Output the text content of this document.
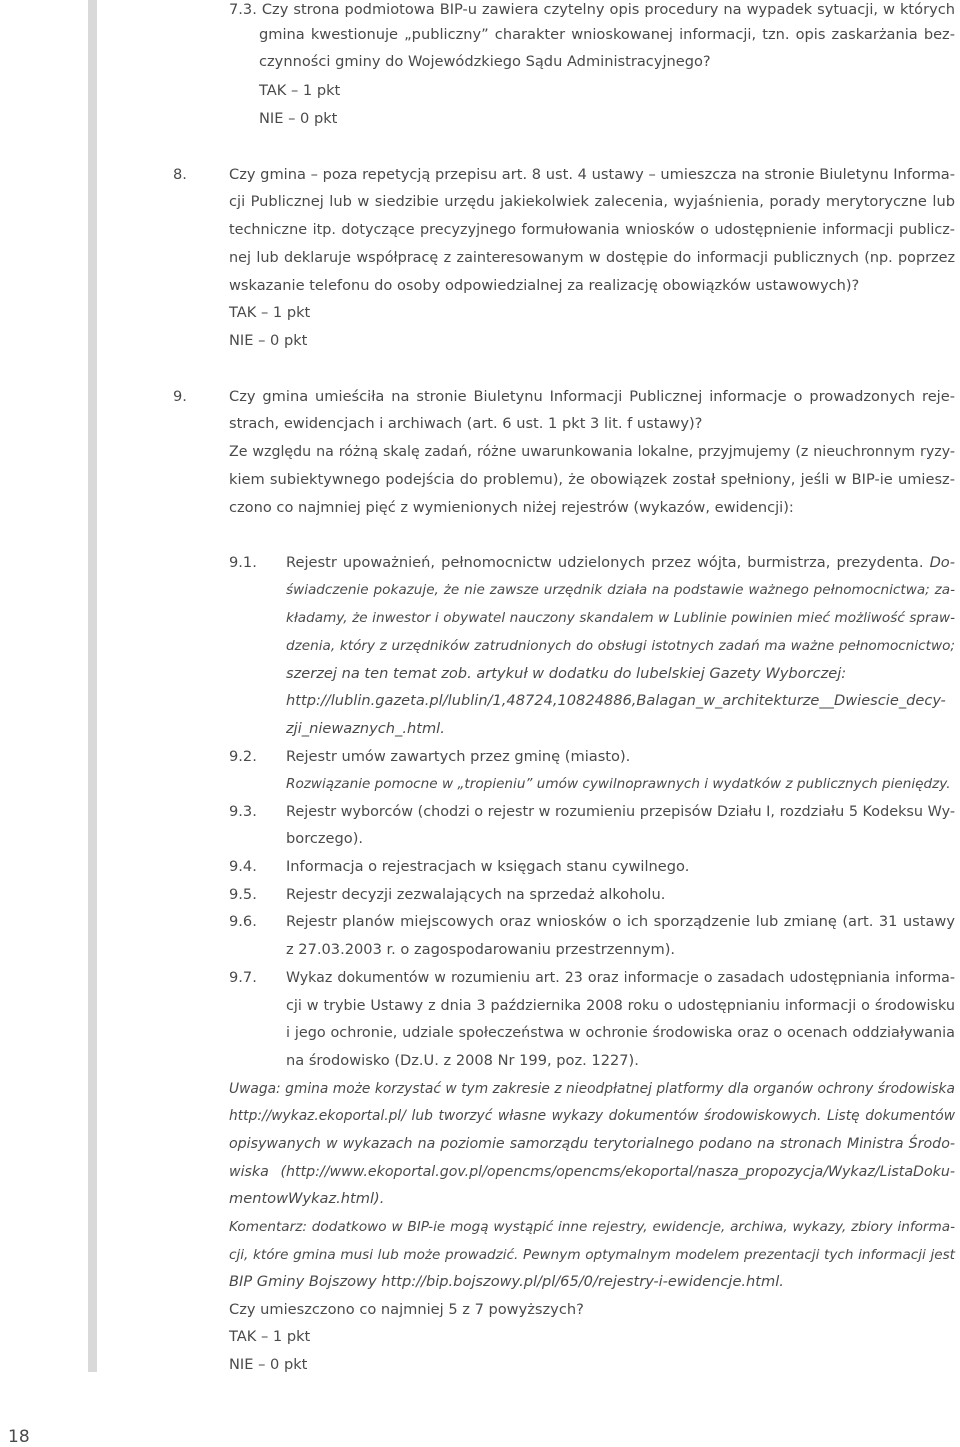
7.3. Czy strona podmiotowa BIP-u zawiera czytelny opis procedury na wypadek sytuacji, w których
gmina kwestionuje „publiczny” charakter wnioskowanej informacji, tzn. opis zaskarżania bez-
czynności gminy do Wojewódzkiego Sądu Administracyjnego?
TAK – 1 pkt
NIE – 0 pkt
8.	Czy gmina – poza repetycją przepisu art. 8 ust. 4 ustawy – umieszcza na stronie Biuletynu Informa-
cji Publicznej lub w siedzibie urzędu jakiekolwiek zalecenia, wyjaśnienia, porady merytoryczne lub
techniczne itp. dotyczące precyzyjnego formułowania wniosków o udostępnienie informacji publicz-
nej lub deklaruje współpracę z zainteresowanym w dostępie do informacji publicznych (np. poprzez
wskazanie telefonu do osoby odpowiedzialnej za realizację obowiązków ustawowych)?
TAK – 1 pkt
NIE – 0 pkt
9.	Czy gmina umieściła na stronie Biuletynu Informacji Publicznej informacje o prowadzonych reje-
strach, ewidencjach i archiwach (art. 6 ust. 1 pkt 3 lit. f ustawy)?
Ze względu na różną skalę zadań, różne uwarunkowania lokalne, przyjmujemy (z nieuchronnym ryzy-
kiem subiektywnego podejścia do problemu), że obowiązek został spełniony, jeśli w BIP-ie umiesz-
czono co najmniej pięć z wymienionych niżej rejestrów (wykazów, ewidencji):
9.1. Rejestr upoważnień, pełnomocnictw udzielonych przez wójta, burmistrza, prezydenta. Do-
świadczenie pokazuje, że nie zawsze urzędnik działa na podstawie ważnego pełnomocnictwa; za-
kładamy, że inwestor i obywatel nauczony skandalem w Lublinie powinien mieć możliwość spraw-
dzenia, który z urzędników zatrudnionych do obsługi istotnych zadań ma ważne pełnomocnictwo;
szerzej na ten temat zob. artykuł w dodatku do lubelskiej Gazety Wyborczej:
http://lublin.gazeta.pl/lublin/1,48724,10824886,Balagan_w_architekturze__Dwiescie_decy-
zji_niewaznych_.html.
9.2. Rejestr umów zawartych przez gminę (miasto).
Rozwiązanie pomocne w „tropieniu” umów cywilnoprawnych i wydatków z publicznych pieniędzy.
9.3. Rejestr wyborców (chodzi o rejestr w rozumieniu przepisów Działu I, rozdziału 5 Kodeksu Wy-
borczego).
9.4. Informacja o rejestracjach w księgach stanu cywilnego.
9.5. Rejestr decyzji zezwalających na sprzedaż alkoholu.
9.6. Rejestr planów miejscowych oraz wniosków o ich sporządzenie lub zmianę (art. 31 ustawy
z 27.03.2003 r. o zagospodarowaniu przestrzennym).
9.7. Wykaz dokumentów w rozumieniu art. 23 oraz informacje o zasadach udostępniania informa-
cji w trybie Ustawy z dnia 3 października 2008 roku o udostępnianiu informacji o środowisku
i jego ochronie, udziale społeczeństwa w ochronie środowiska oraz o ocenach oddziaływania
na środowisko (Dz.U. z 2008 Nr 199, poz. 1227).
Uwaga: gmina może korzystać w tym zakresie z nieodpłatnej platformy dla organów ochrony środowiska
http://wykaz.ekoportal.pl/ lub tworzyć własne wykazy dokumentów środowiskowych. Listę dokumentów
opisywanych w wykazach na poziomie samorządu terytorialnego podano na stronach Ministra Środo-
wiska (http://www.ekoportal.gov.pl/opencms/opencms/ekoportal/nasza_propozycja/Wykaz/ListaDoku-
mentowWykaz.html).
Komentarz: dodatkowo w BIP-ie mogą wystąpić inne rejestry, ewidencje, archiwa, wykazy, zbiory informa-
cji, które gmina musi lub może prowadzić. Pewnym optymalnym modelem prezentacji tych informacji jest
BIP Gminy Bojszowy http://bip.bojszowy.pl/pl/65/0/rejestry-i-ewidencje.html.
Czy umieszczono co najmniej 5 z 7 powyższych?
TAK – 1 pkt
NIE – 0 pkt
18
